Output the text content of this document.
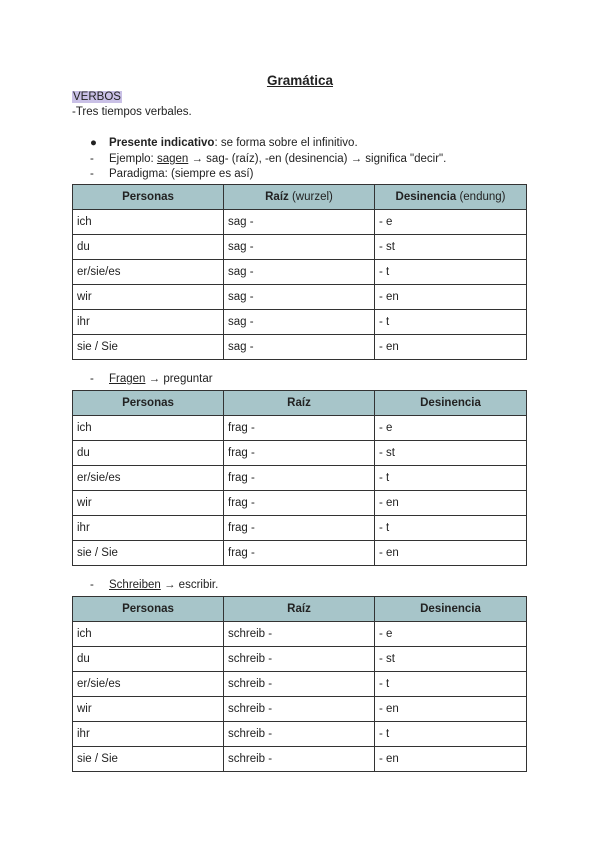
Gramática
VERBOS
-Tres tiempos verbales.
● Presente indicativo: se forma sobre el infinitivo.
- Ejemplo: sagen → sag- (raíz), -en (desinencia) → significa "decir".
- Paradigma: (siempre es así)
Personas	Raíz (wurzel)	Desinencia (endung)
ich	sag -	- e
du	sag -	- st
er/sie/es	sag -	- t
wir	sag -	- en
ihr	sag -	- t
sie / Sie	sag -	- en
- Fragen → preguntar
Personas	Raíz	Desinencia
ich	frag -	- e
du	frag -	- st
er/sie/es	frag -	- t
wir	frag -	- en
ihr	frag -	- t
sie / Sie	frag -	- en
- Schreiben → escribir.
Personas	Raíz	Desinencia
ich	schreib -	- e
du	schreib -	- st
er/sie/es	schreib -	- t
wir	schreib -	- en
ihr	schreib -	- t
sie / Sie	schreib -	- en
